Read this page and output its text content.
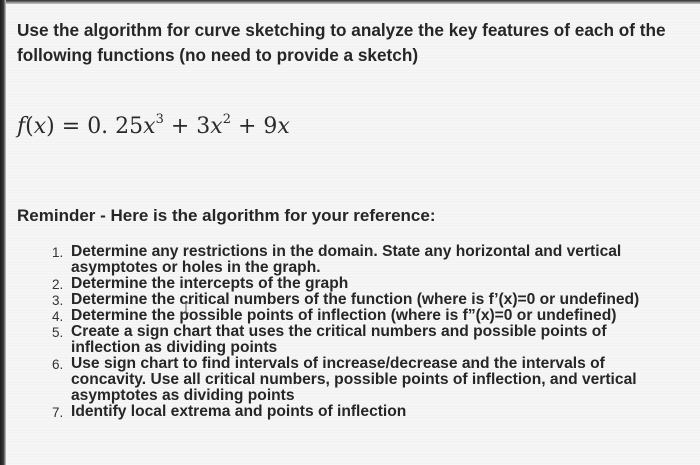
Use the algorithm for curve sketching to analyze the key features of each of the following functions (no need to provide a sketch)

f(x) = 0. $25x^3 + 3x^2 + 9x$

Reminder - Here is the algorithm for your reference:

1. Determine any restrictions in the domain. State any horizontal and vertical asymptotes or holes in the graph.
2. Determine the intercepts of the graph
3. Determine the critical numbers of the function (where is f’(x)=0 or undefined)
4. Determine the possible points of inflection (where is f”(x)=0 or undefined)
5. Create a sign chart that uses the critical numbers and possible points of inflection as dividing points
6. Use sign chart to find intervals of increase/decrease and the intervals of concavity. Use all critical numbers, possible points of inflection, and vertical asymptotes as dividing points
7. Identify local extrema and points of inflection
